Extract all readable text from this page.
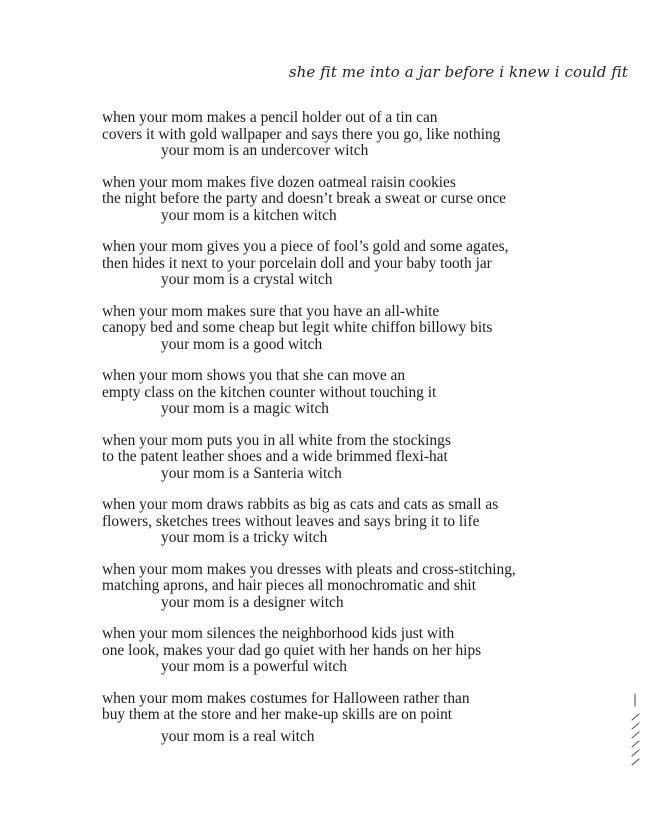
she fit me into a jar before i knew i could fit
when your mom makes a pencil holder out of a tin can
covers it with gold wallpaper and says there you go, like nothing
your mom is an undercover witch
when your mom makes five dozen oatmeal raisin cookies
the night before the party and doesn’t break a sweat or curse once
your mom is a kitchen witch
when your mom gives you a piece of fool’s gold and some agates,
then hides it next to your porcelain doll and your baby tooth jar
your mom is a crystal witch
when your mom makes sure that you have an all-white
canopy bed and some cheap but legit white chiffon billowy bits
your mom is a good witch
when your mom shows you that she can move an
empty class on the kitchen counter without touching it
your mom is a magic witch
when your mom puts you in all white from the stockings
to the patent leather shoes and a wide brimmed flexi-hat
your mom is a Santeria witch
when your mom draws rabbits as big as cats and cats as small as
flowers, sketches trees without leaves and says bring it to life
your mom is a tricky witch
when your mom makes you dresses with pleats and cross-stitching,
matching aprons, and hair pieces all monochromatic and shit
your mom is a designer witch
when your mom silences the neighborhood kids just with
one look, makes your dad go quiet with her hands on her hips
your mom is a powerful witch
when your mom makes costumes for Halloween rather than
buy them at the store and her make-up skills are on point
your mom is a real witch
